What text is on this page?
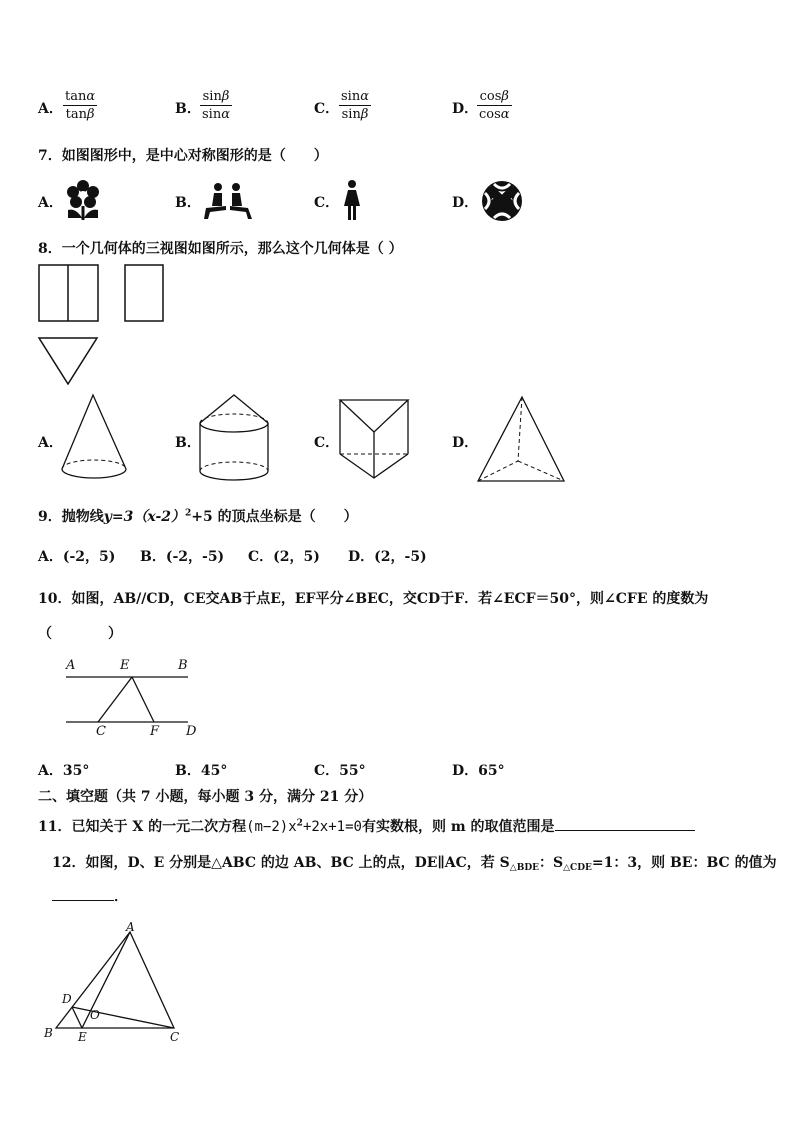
A． $\frac{\tan\alpha}{\tan\beta}$	B． $\frac{\sin\beta}{\sin\alpha}$	C． $\frac{\sin\alpha}{\sin\beta}$	D．
$\frac{\cos\beta}{\cos\alpha}$
7．如图图形中，是中心对称图形的是（　　）
A．	B．	C．	D．
8．一个几何体的三视图如图所示，那么这个几何体是（ ）
A．	B．	C．	D．
9．抛物线$y=3(x-2)^2+5$ 的顶点坐标是（　　）
A．(-2，5) B．(-2，-5) C．(2，5) D．(2，-5)
10．如图，AB//CD，CE交AB于点E，EF平分∠BEC，交CD于F．若∠ECF＝50°，则∠CFE 的度数为
（　　　　）
A	E	B
C	F D
A．35°	B．45°	C．55°	D．65°
二、填空题（共 7 小题，每小题 3 分，满分 21 分）
11．已知关于 X 的一元二次方程$(m-2)x^2+2x+1=0$有实数根，则 m 的取值范围是
12．如图，D、E 分别是△ABC 的边 AB、BC 上的点，DE∥AC，若 $S_{\triangle BDE}$：$S_{\triangle CDE}=1$：3，则 BE：BC 的值为
．
A
D
O
B E	C
